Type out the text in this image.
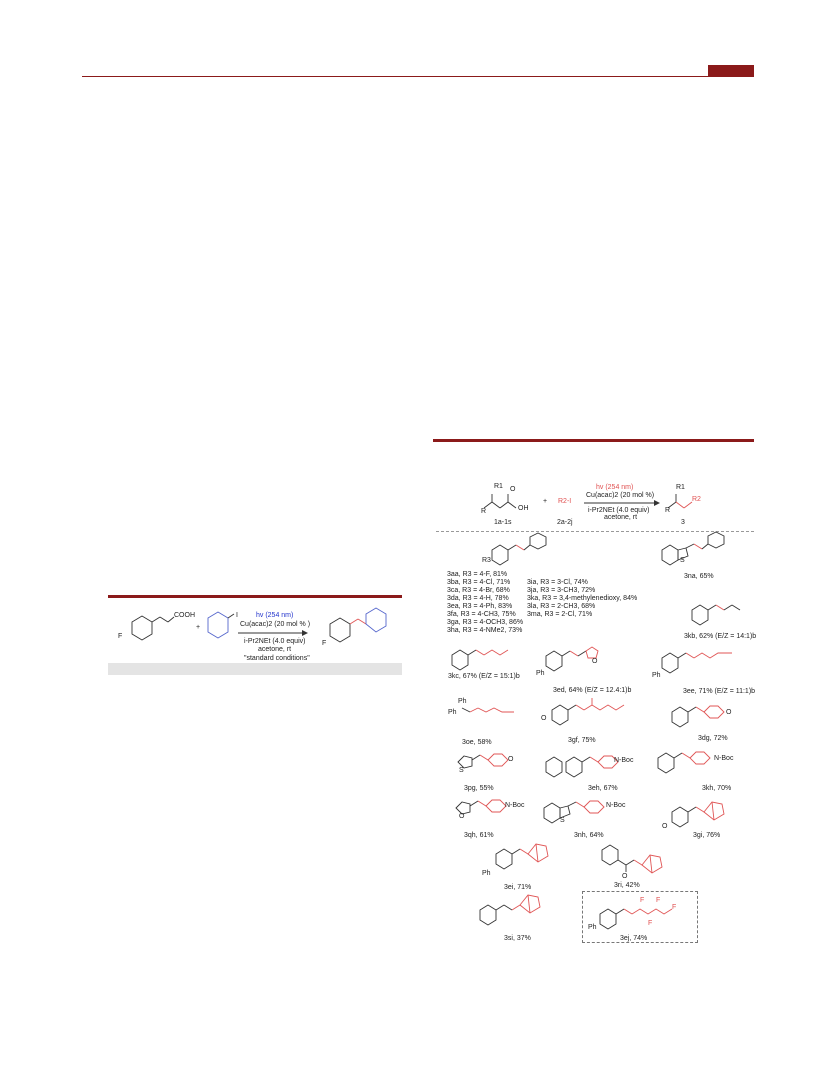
F
COOH
+
I	hv (254 nm)
Cu(acac)2 (20 mol % )
i-Pr2NEt (4.0 equiv)
acetone, rt
"standard conditions"
F
R1
R
O
OH
1a-1s
+ R2-I
2a-2j
hv (254 nm)
Cu(acac)2 (20 mol %)
i-Pr2NEt (4.0 equiv)
acetone, rt
R1
R
R2
3
R3
3aa, R3 = 4-F, 81%
3ba, R3 = 4-Cl, 71%
3ca, R3 = 4-Br, 68%
3da, R3 = 4-H, 78%
3ea, R3 = 4-Ph, 83%
3fa, R3 = 4-CH3, 75%
3ga, R3 = 4-OCH3, 86%
3ha, R3 = 4-NMe2, 73%
3ia, R3 = 3-Cl, 74%
3ja, R3 = 3-CH3, 72%
3ka, R3 = 3,4-methylenedioxy, 84%
3la, R3 = 2-CH3, 68%
3ma, R3 = 2-Cl, 71%
S
3na, 65%
3kb, 62% (E/Z = 14:1)b
3kc, 67% (E/Z = 15:1)b Ph
O
3ed, 64% (E/Z = 12.4:1)b
Ph
3ee, 71% (E/Z = 11:1)b
Ph
Ph
3oe, 58%
O
3gf, 75%
O
3dg, 72%
S
O
3pg, 55%
N-Boc
3eh, 67%
N-Boc
3kh, 70%
O
N-Boc
3qh, 61%
S
N-Boc
3nh, 64%
O
3gi, 76%
Ph
3ei, 71%
O
3ri, 42%
3si, 37%
F F
F
F
Ph
3ej, 74%
